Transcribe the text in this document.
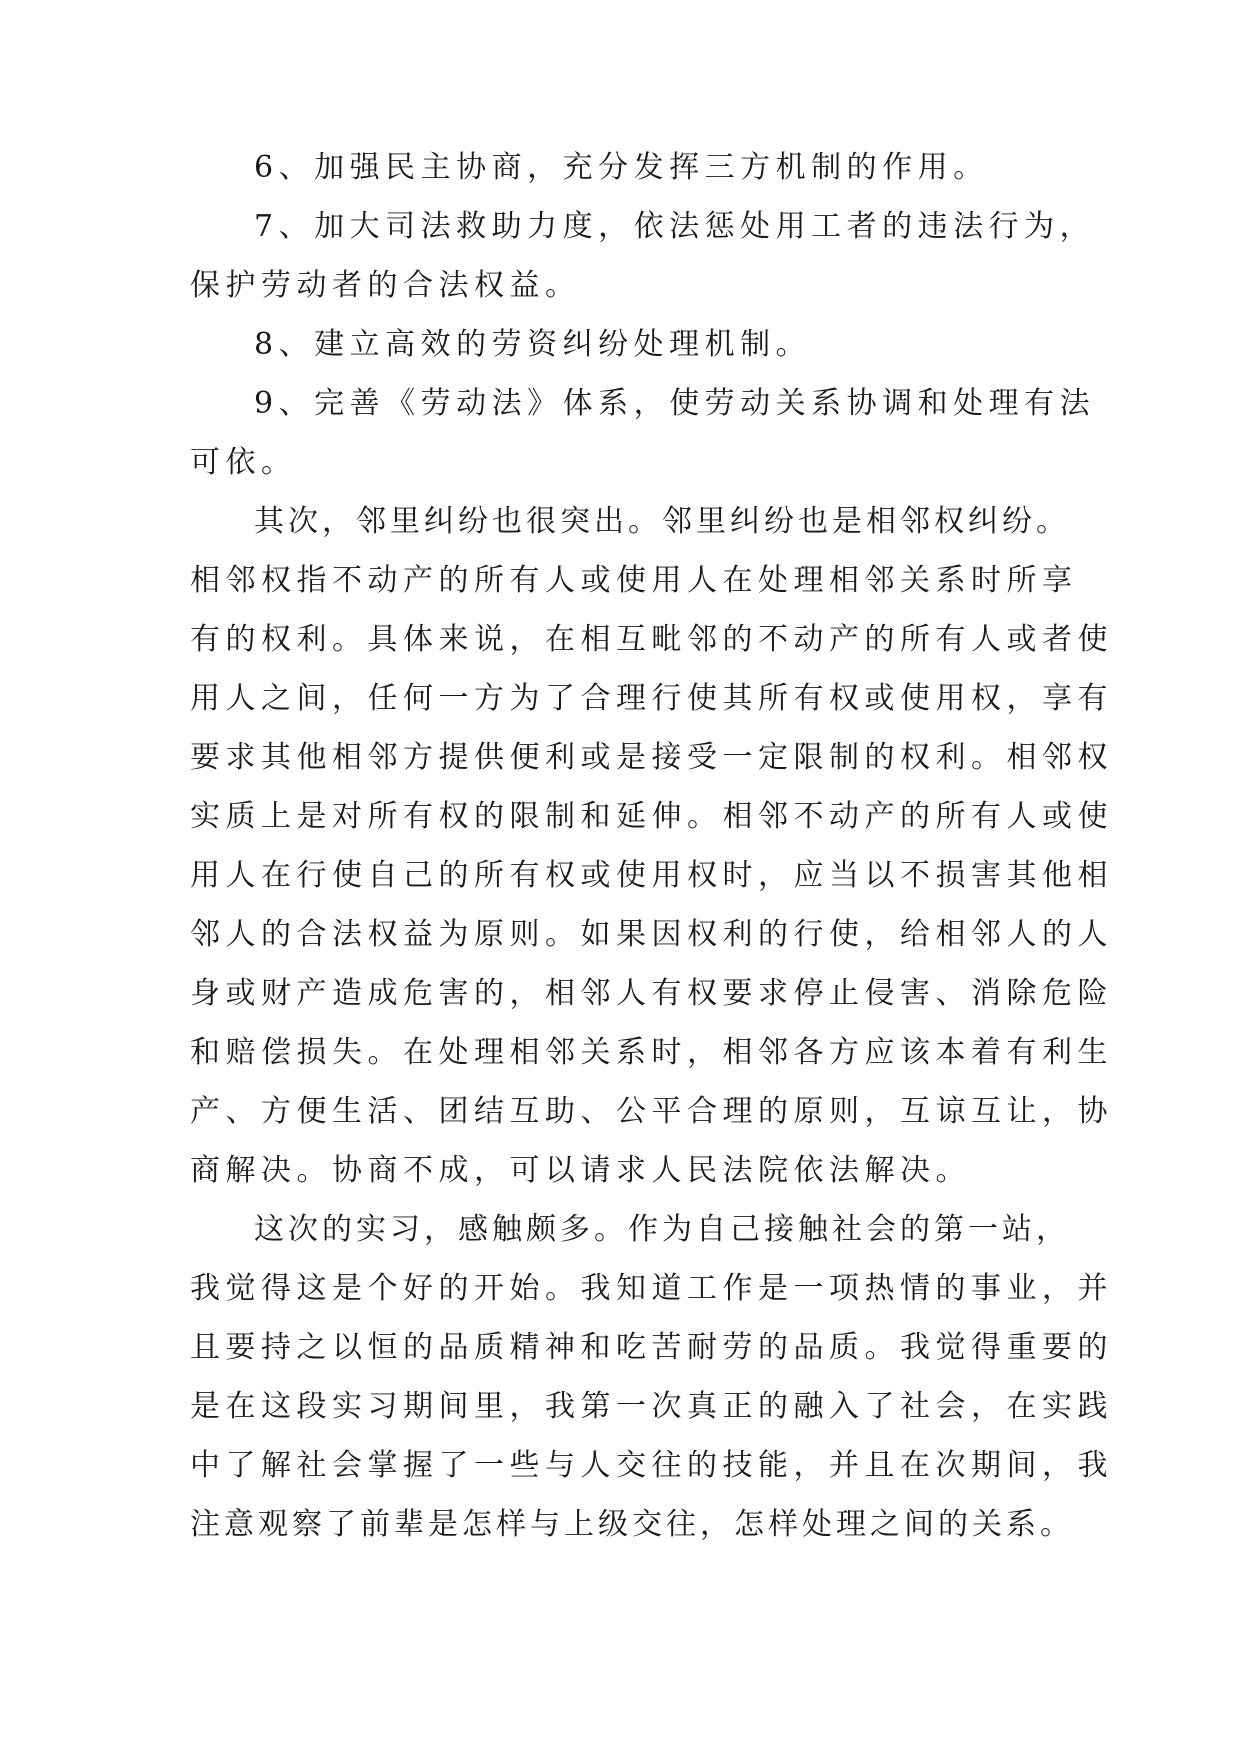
6、加强民主协商，充分发挥三方机制的作用。
7、加大司法救助力度，依法惩处用工者的违法行为，
保护劳动者的合法权益。
8、建立高效的劳资纠纷处理机制。
9、完善《劳动法》体系，使劳动关系协调和处理有法
可依。
其次，邻里纠纷也很突出。邻里纠纷也是相邻权纠纷。
相邻权指不动产的所有人或使用人在处理相邻关系时所享
有的权利。具体来说，在相互毗邻的不动产的所有人或者使
用人之间，任何一方为了合理行使其所有权或使用权，享有
要求其他相邻方提供便利或是接受一定限制的权利。相邻权
实质上是对所有权的限制和延伸。相邻不动产的所有人或使
用人在行使自己的所有权或使用权时，应当以不损害其他相
邻人的合法权益为原则。如果因权利的行使，给相邻人的人
身或财产造成危害的，相邻人有权要求停止侵害、消除危险
和赔偿损失。在处理相邻关系时，相邻各方应该本着有利生
产、方便生活、团结互助、公平合理的原则，互谅互让，协
商解决。协商不成，可以请求人民法院依法解决。
这次的实习，感触颇多。作为自己接触社会的第一站，
我觉得这是个好的开始。我知道工作是一项热情的事业，并
且要持之以恒的品质精神和吃苦耐劳的品质。我觉得重要的
是在这段实习期间里，我第一次真正的融入了社会，在实践
中了解社会掌握了一些与人交往的技能，并且在次期间，我
注意观察了前辈是怎样与上级交往，怎样处理之间的关系。
